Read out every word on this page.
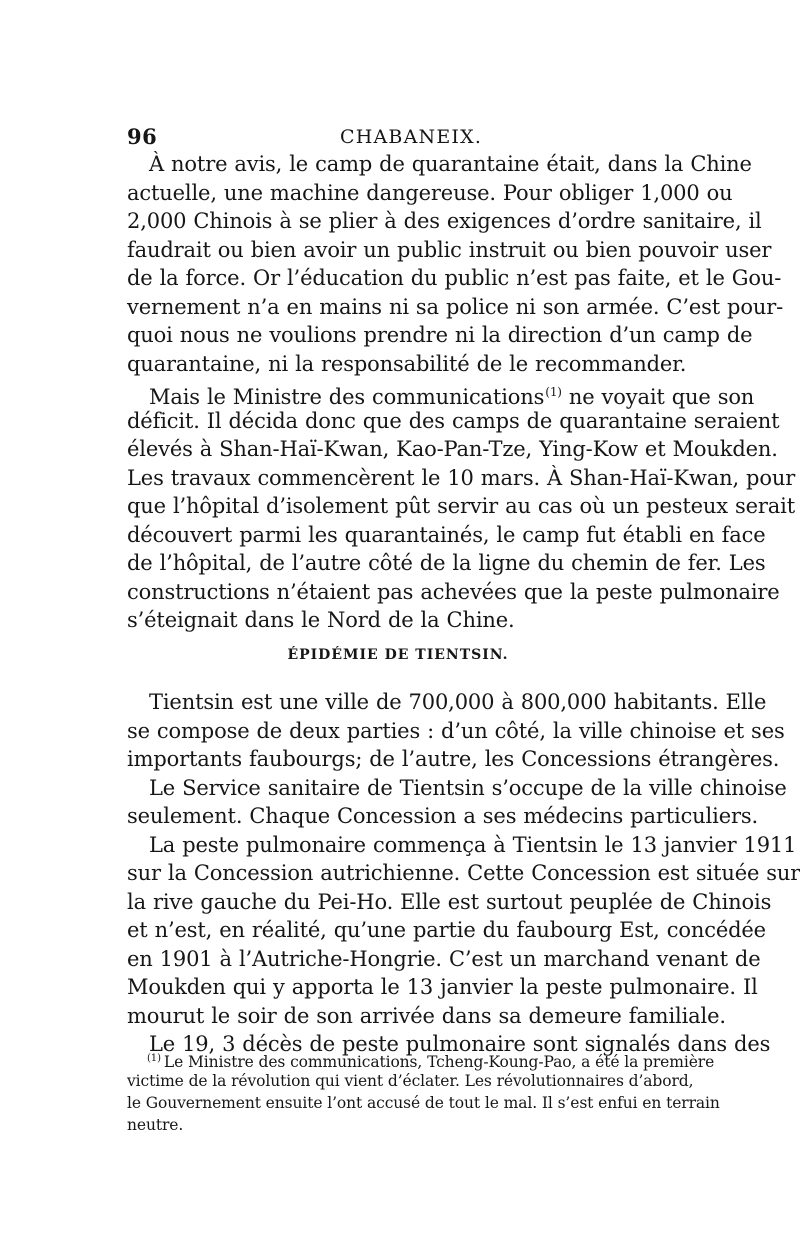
96	CHABANEIX.
À notre avis, le camp de quarantaine était, dans la Chine
actuelle, une machine dangereuse. Pour obliger 1,000 ou
2,000 Chinois à se plier à des exigences d’ordre sanitaire, il
faudrait ou bien avoir un public instruit ou bien pouvoir user
de la force. Or l’éducation du public n’est pas faite, et le Gou-
vernement n’a en mains ni sa police ni son armée. C’est pour-
quoi nous ne voulions prendre ni la direction d’un camp de
quarantaine, ni la responsabilité de le recommander.
Mais le Ministre des communications$^{(1)}$ ne voyait que son
déficit. Il décida donc que des camps de quarantaine seraient
élevés à Shan-Haï-Kwan, Kao-Pan-Tze, Ying-Kow et Moukden.
Les travaux commencèrent le 10 mars. À Shan-Haï-Kwan, pour
que l’hôpital d’isolement pût servir au cas où un pesteux serait
découvert parmi les quarantainés, le camp fut établi en face
de l’hôpital, de l’autre côté de la ligne du chemin de fer. Les
constructions n’étaient pas achevées que la peste pulmonaire
s’éteignait dans le Nord de la Chine.
ÉPIDÉMIE DE TIENTSIN.
Tientsin est une ville de 700,000 à 800,000 habitants. Elle
se compose de deux parties : d’un côté, la ville chinoise et ses
importants faubourgs; de l’autre, les Concessions étrangères.
Le Service sanitaire de Tientsin s’occupe de la ville chinoise
seulement. Chaque Concession a ses médecins particuliers.
La peste pulmonaire commença à Tientsin le 13 janvier 1911
sur la Concession autrichienne. Cette Concession est située sur
la rive gauche du Pei-Ho. Elle est surtout peuplée de Chinois
et n’est, en réalité, qu’une partie du faubourg Est, concédée
en 1901 à l’Autriche-Hongrie. C’est un marchand venant de
Moukden qui y apporta le 13 janvier la peste pulmonaire. Il
mourut le soir de son arrivée dans sa demeure familiale.
Le 19, 3 décès de peste pulmonaire sont signalés dans des
$^{(1)}$ Le Ministre des communications, Tcheng-Koung-Pao, a été la première
victime de la révolution qui vient d’éclater. Les révolutionnaires d’abord,
le Gouvernement ensuite l’ont accusé de tout le mal. Il s’est enfui en terrain
neutre.
